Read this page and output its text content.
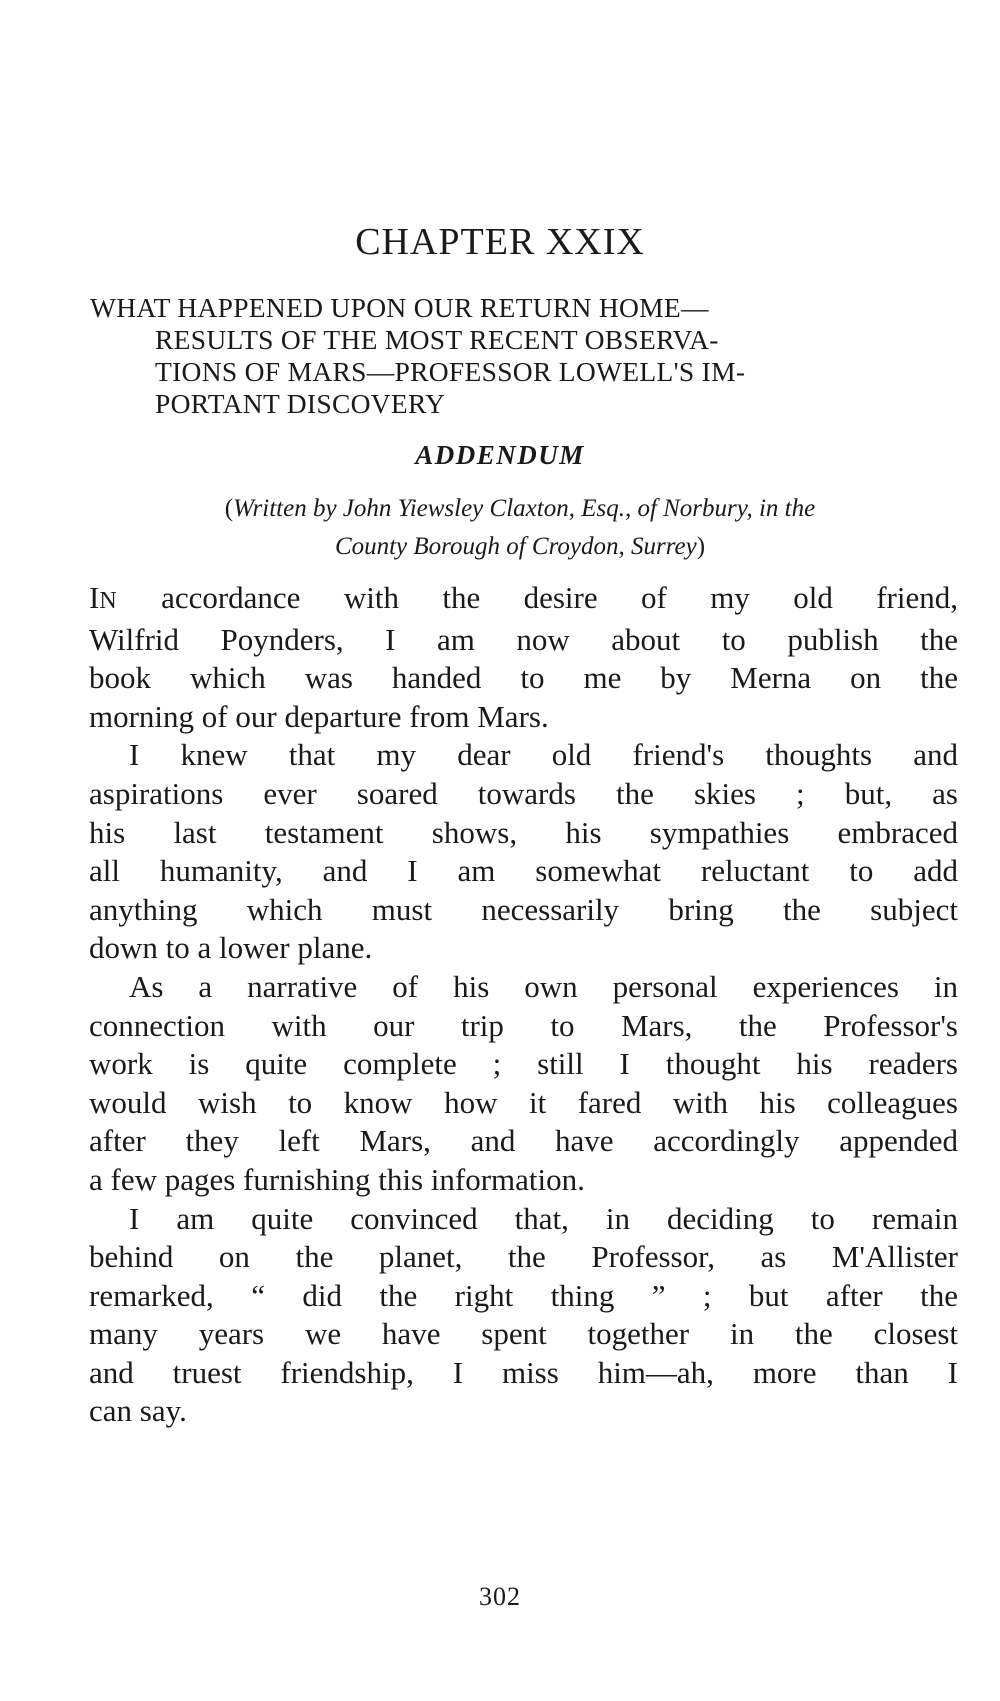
CHAPTER XXIX
WHAT HAPPENED UPON OUR RETURN HOME—
RESULTS OF THE MOST RECENT OBSERVA-
TIONS OF MARS—PROFESSOR LOWELL'S IM-
PORTANT DISCOVERY
ADDENDUM
(Written by John Yiewsley Claxton, Esq., of Norbury, in the
County Borough of Croydon, Surrey)
IN accordance with the desire of my old friend,
Wilfrid Poynders, I am now about to publish the
book which was handed to me by Merna on the
morning of our departure from Mars.
I knew that my dear old friend's thoughts and
aspirations ever soared towards the skies ; but, as
his last testament shows, his sympathies embraced
all humanity, and I am somewhat reluctant to add
anything which must necessarily bring the subject
down to a lower plane.
As a narrative of his own personal experiences in
connection with our trip to Mars, the Professor's
work is quite complete ; still I thought his readers
would wish to know how it fared with his colleagues
after they left Mars, and have accordingly appended
a few pages furnishing this information.
I am quite convinced that, in deciding to remain
behind on the planet, the Professor, as M'Allister
remarked, “ did the right thing ” ; but after the
many years we have spent together in the closest
and truest friendship, I miss him—ah, more than I
can say.
302
